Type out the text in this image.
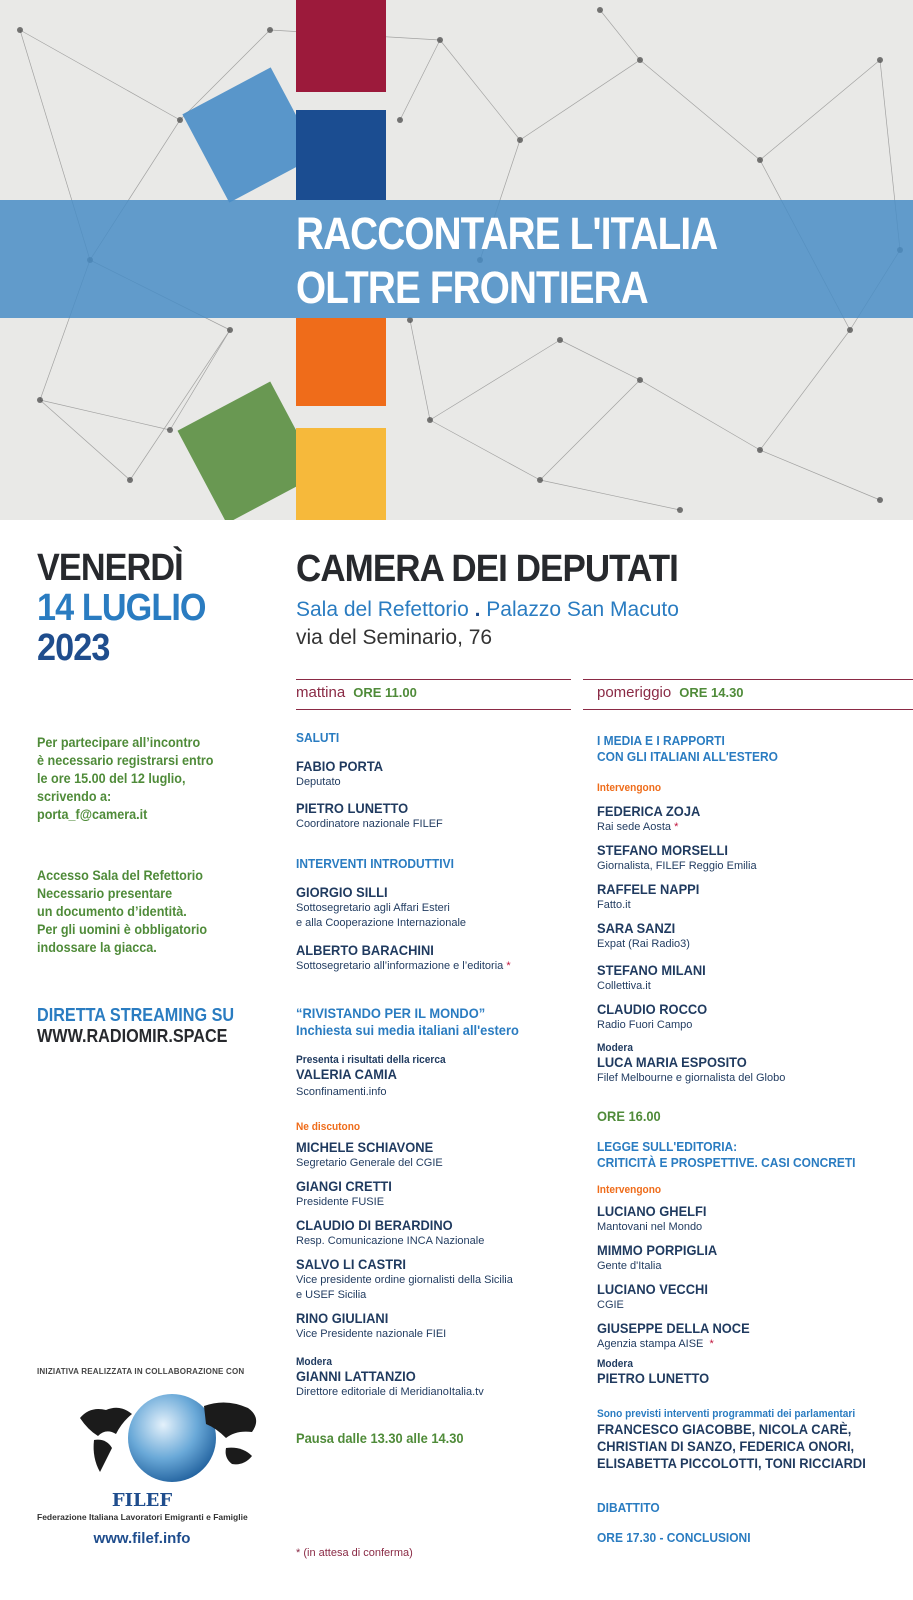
RACCONTARE L'ITALIA
OLTRE FRONTIERA
VENERDÌ
14 LUGLIO
2023
Per partecipare all’incontro
è necessario registrarsi entro
le ore 15.00 del 12 luglio,
scrivendo a:
porta_f@camera.it
Accesso Sala del Refettorio
Necessario presentare
un documento d’identità.
Per gli uomini è obbligatorio
indossare la giacca.
DIRETTA STREAMING SU
WWW.RADIOMIR.SPACE
INIZIATIVA REALIZZATA IN COLLABORAZIONE CON
FILEF
Federazione Italiana Lavoratori Emigranti e Famiglie
www.filef.info
CAMERA DEI DEPUTATI
Sala del Refettorio . Palazzo San Macuto
via del Seminario, 76
mattina ORE 11.00	pomeriggio ORE 14.30
SALUTI
FABIO PORTA
Deputato
PIETRO LUNETTO
Coordinatore nazionale FILEF
INTERVENTI INTRODUTTIVI
GIORGIO SILLI
Sottosegretario agli Affari Esteri
e alla Cooperazione Internazionale
ALBERTO BARACHINI
Sottosegretario all’informazione e l’editoria *
“RIVISTANDO PER IL MONDO”
Inchiesta sui media italiani all'estero
Presenta i risultati della ricerca
VALERIA CAMIA
Sconfinamenti.info
Ne discutono
MICHELE SCHIAVONE
Segretario Generale del CGIE
GIANGI CRETTI
Presidente FUSIE
CLAUDIO DI BERARDINO
Resp. Comunicazione INCA Nazionale
SALVO LI CASTRI
Vice presidente ordine giornalisti della Sicilia
e USEF Sicilia
RINO GIULIANI
Vice Presidente nazionale FIEI
Modera
GIANNI LATTANZIO
Direttore editoriale di MeridianoItalia.tv
Pausa dalle 13.30 alle 14.30
I MEDIA E I RAPPORTI
CON GLI ITALIANI ALL'ESTERO
Intervengono
FEDERICA ZOJA
Rai sede Aosta *
STEFANO MORSELLI
Giornalista, FILEF Reggio Emilia
RAFFELE NAPPI
Fatto.it
SARA SANZI
Expat (Rai Radio3)
STEFANO MILANI
Collettiva.it
CLAUDIO ROCCO
Radio Fuori Campo
Modera
LUCA MARIA ESPOSITO
Filef Melbourne e giornalista del Globo
ORE 16.00
LEGGE SULL'EDITORIA:
CRITICITÀ E PROSPETTIVE. CASI CONCRETI
Intervengono
LUCIANO GHELFI
Mantovani nel Mondo
MIMMO PORPIGLIA
Gente d'Italia
LUCIANO VECCHI
CGIE
GIUSEPPE DELLA NOCE
Agenzia stampa AISE *
Modera
PIETRO LUNETTO
Sono previsti interventi programmati dei parlamentari
FRANCESCO GIACOBBE, NICOLA CARÈ,
CHRISTIAN DI SANZO, FEDERICA ONORI,
ELISABETTA PICCOLOTTI, TONI RICCIARDI
DIBATTITO
ORE 17.30 - CONCLUSIONI
* (in attesa di conferma)
